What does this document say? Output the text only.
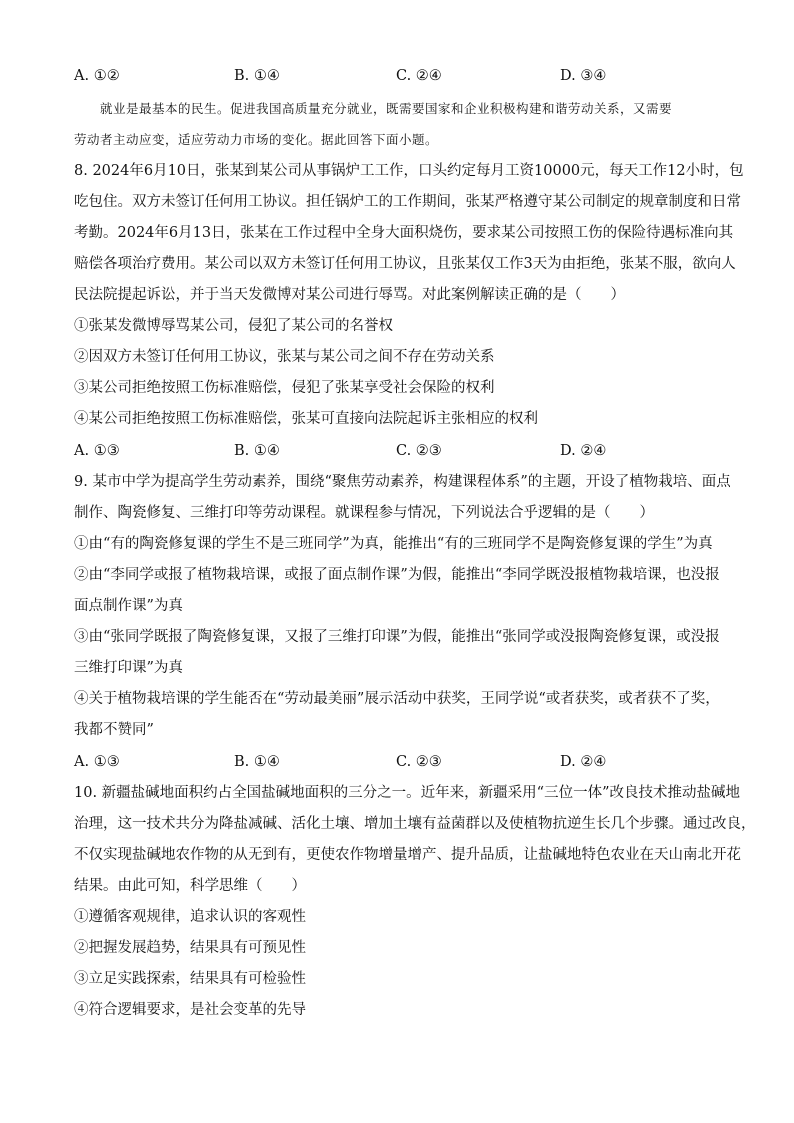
A. ①②	B. ①④	C. ②④	D. ③④
就业是最基本的民生。促进我国高质量充分就业，既需要国家和企业积极构建和谐劳动关系，又需要
劳动者主动应变，适应劳动力市场的变化。据此回答下面小题。
8. 2024年6月10日，张某到某公司从事锅炉工工作，口头约定每月工资10000元，每天工作12小时，包
吃包住。双方未签订任何用工协议。担任锅炉工的工作期间，张某严格遵守某公司制定的规章制度和日常
考勤。2024年6月13日，张某在工作过程中全身大面积烧伤，要求某公司按照工伤的保险待遇标准向其
赔偿各项治疗费用。某公司以双方未签订任何用工协议，且张某仅工作3天为由拒绝，张某不服，欲向人
民法院提起诉讼，并于当天发微博对某公司进行辱骂。对此案例解读正确的是（　　）
①张某发微博辱骂某公司，侵犯了某公司的名誉权
②因双方未签订任何用工协议，张某与某公司之间不存在劳动关系
③某公司拒绝按照工伤标准赔偿，侵犯了张某享受社会保险的权利
④某公司拒绝按照工伤标准赔偿，张某可直接向法院起诉主张相应的权利
A. ①③	B. ①④	C. ②③	D. ②④
9. 某市中学为提高学生劳动素养，围绕“聚焦劳动素养，构建课程体系”的主题，开设了植物栽培、面点
制作、陶瓷修复、三维打印等劳动课程。就课程参与情况，下列说法合乎逻辑的是（　　）
①由“有的陶瓷修复课的学生不是三班同学”为真，能推出“有的三班同学不是陶瓷修复课的学生”为真
②由“李同学或报了植物栽培课，或报了面点制作课”为假，能推出“李同学既没报植物栽培课，也没报
面点制作课”为真
③由“张同学既报了陶瓷修复课，又报了三维打印课”为假，能推出“张同学或没报陶瓷修复课，或没报
三维打印课”为真
④关于植物栽培课的学生能否在“劳动最美丽”展示活动中获奖，王同学说“或者获奖，或者获不了奖，
我都不赞同”
A. ①③	B. ①④	C. ②③	D. ②④
10. 新疆盐碱地面积约占全国盐碱地面积的三分之一。近年来，新疆采用“三位一体”改良技术推动盐碱地
治理，这一技术共分为降盐减碱、活化土壤、增加土壤有益菌群以及使植物抗逆生长几个步骤。通过改良，
不仅实现盐碱地农作物的从无到有，更使农作物增量增产、提升品质，让盐碱地特色农业在天山南北开花
结果。由此可知，科学思维（　　）
①遵循客观规律，追求认识的客观性
②把握发展趋势，结果具有可预见性
③立足实践探索，结果具有可检验性
④符合逻辑要求，是社会变革的先导
